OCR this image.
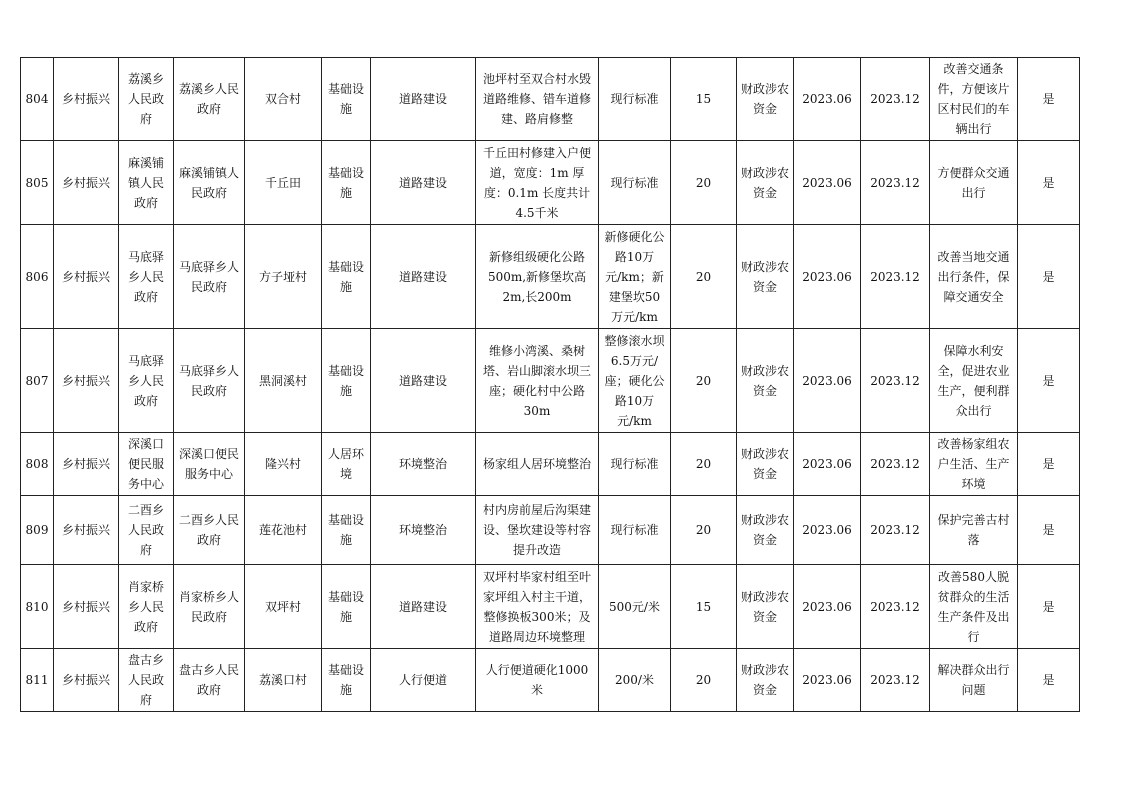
804	乡村振兴	荔溪乡人民政府	荔溪乡人民政府	双合村	基础设施	道路建设	池坪村至双合村水毁道路维修、错车道修建、路肩修整	现行标准	15	财政涉农资金	2023.06	2023.12	改善交通条件，方便该片区村民们的车辆出行	是
805	乡村振兴	麻溪铺镇人民政府	麻溪铺镇人民政府	千丘田	基础设施	道路建设	千丘田村修建入户便道，宽度：1m 厚度：0.1m 长度共计4.5千米	现行标准	20	财政涉农资金	2023.06	2023.12	方便群众交通出行	是
806	乡村振兴	马底驿乡人民政府	马底驿乡人民政府	方子垭村	基础设施	道路建设	新修组级硬化公路500m,新修堡坎高2m,长200m	新修硬化公路10万元/km；新建堡坎50万元/km	20	财政涉农资金	2023.06	2023.12	改善当地交通出行条件，保障交通安全	是
807	乡村振兴	马底驿乡人民政府	马底驿乡人民政府	黑洞溪村	基础设施	道路建设	维修小湾溪、桑树塔、岩山脚滚水坝三座；硬化村中公路30m	整修滚水坝6.5万元/座；硬化公路10万元/km	20	财政涉农资金	2023.06	2023.12	保障水利安全，促进农业生产，便利群众出行	是
808	乡村振兴	深溪口便民服务中心	深溪口便民服务中心	隆兴村	人居环境	环境整治	杨家组人居环境整治	现行标准	20	财政涉农资金	2023.06	2023.12	改善杨家组农户生活、生产环境	是
809	乡村振兴	二酉乡人民政府	二酉乡人民政府	莲花池村	基础设施	环境整治	村内房前屋后沟渠建设、堡坎建设等村容提升改造	现行标准	20	财政涉农资金	2023.06	2023.12	保护完善古村落	是
810	乡村振兴	肖家桥乡人民政府	肖家桥乡人民政府	双坪村	基础设施	道路建设	双坪村毕家村组至叶家坪组入村主干道，整修换板300米；及道路周边环境整理	500元/米	15	财政涉农资金	2023.06	2023.12	改善580人脱贫群众的生活生产条件及出行	是
811	乡村振兴	盘古乡人民政府	盘古乡人民政府	荔溪口村	基础设施	人行便道	人行便道硬化1000米	200/米	20	财政涉农资金	2023.06	2023.12	解决群众出行问题	是
